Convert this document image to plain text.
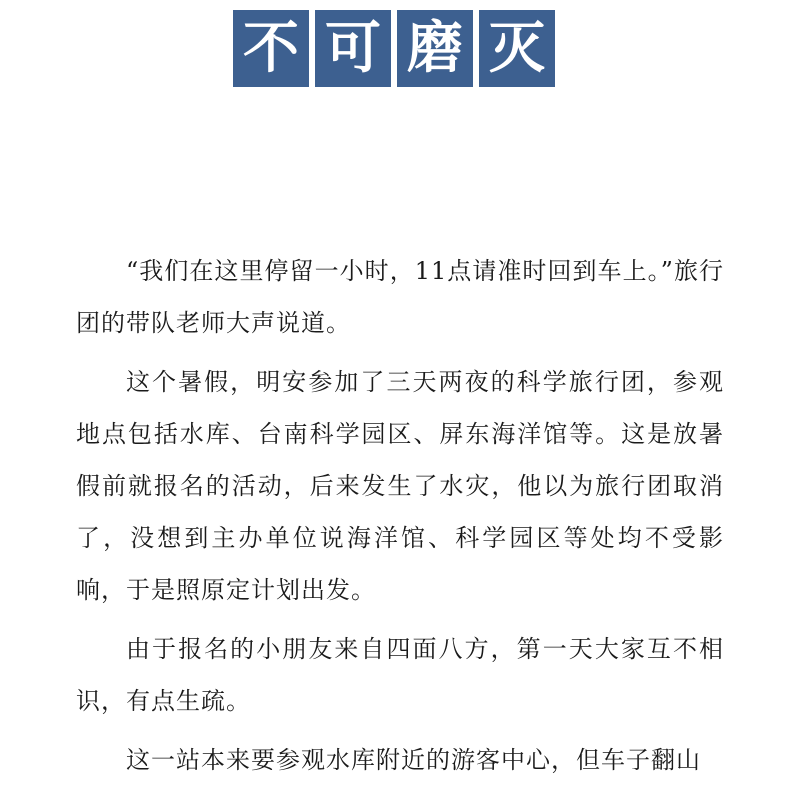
不 可 磨 灭

“我们在这里停留一小时，11点请准时回到车上。”旅行团的带队老师大声说道。

这个暑假，明安参加了三天两夜的科学旅行团，参观地点包括水库、台南科学园区、屏东海洋馆等。这是放暑假前就报名的活动，后来发生了水灾，他以为旅行团取消了，没想到主办单位说海洋馆、科学园区等处均不受影响，于是照原定计划出发。

由于报名的小朋友来自四面八方，第一天大家互不相识，有点生疏。

这一站本来要参观水库附近的游客中心，但车子翻山
